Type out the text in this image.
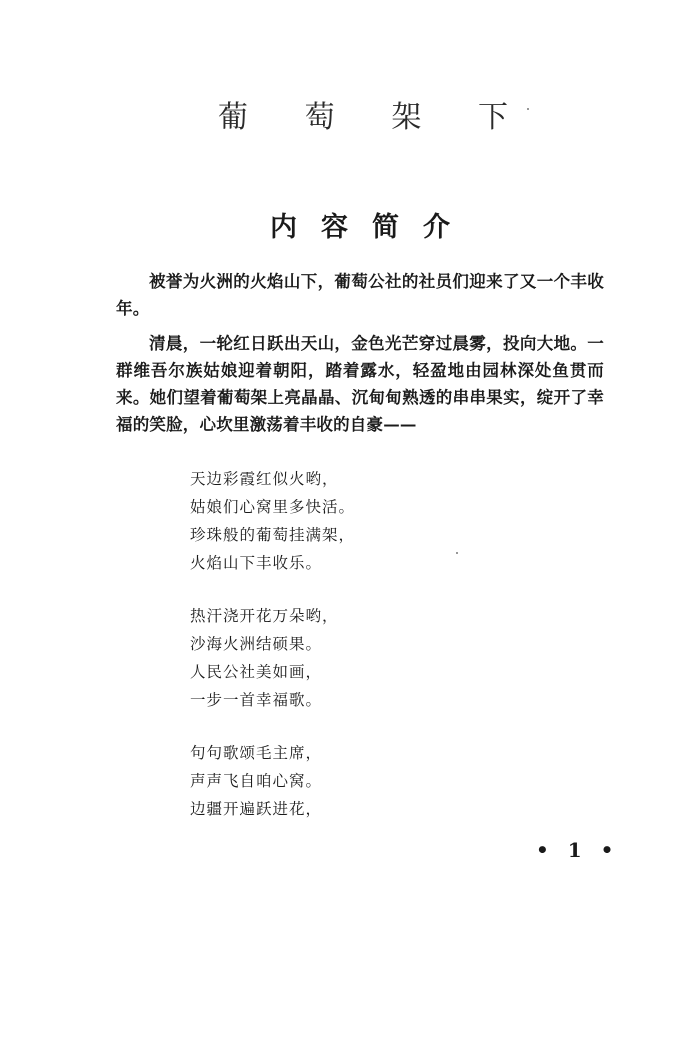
葡 萄 架 下
内 容 简 介

被誉为火洲的火焰山下，葡萄公社的社员们迎来了又一个丰收年。

清晨，一轮红日跃出天山，金色光芒穿过晨雾，投向大地。一群维吾尔族姑娘迎着朝阳，踏着露水，轻盈地由园林深处鱼贯而来。她们望着葡萄架上亮晶晶、沉甸甸熟透的串串果实，绽开了幸福的笑脸，心坎里激荡着丰收的自豪——

天边彩霞红似火哟，
姑娘们心窝里多快活。
珍珠般的葡萄挂满架，
火焰山下丰收乐。
热汗浇开花万朵哟，
沙海火洲结硕果。
人民公社美如画，
一步一首幸福歌。
句句歌颂毛主席，
声声飞自咱心窝。
边疆开遍跃进花，
• 1 •
